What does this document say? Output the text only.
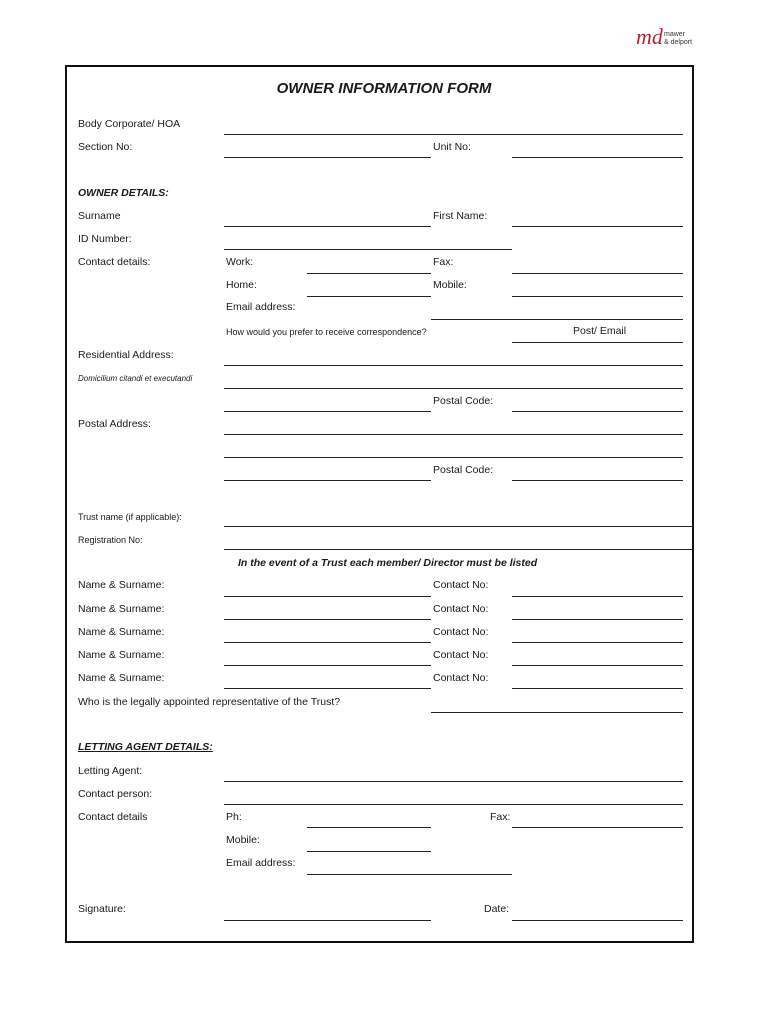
md mawer
& delport
OWNER INFORMATION FORM
Body Corporate/ HOA
Section No:	Unit No:
OWNER DETAILS:
Surname	First Name:
ID Number:
Contact details:	Work:	Fax:
Home:	Mobile:
Email address:
How would you prefer to receive correspondence?	Post/ Email
Residential Address:
Domicilium citandi et executandi
Postal Code:
Postal Address:
Postal Code:
Trust name (if applicable):
Registration No:
In the event of a Trust each member/ Director must be listed
Name & Surname:	Contact No:
Name & Surname:	Contact No:
Name & Surname:	Contact No:
Name & Surname:	Contact No:
Name & Surname:	Contact No:
Who is the legally appointed representative of the Trust?
LETTING AGENT DETAILS:
Letting Agent:
Contact person:
Contact details	Ph:	Fax:
Mobile:
Email address:
Signature:	Date:
